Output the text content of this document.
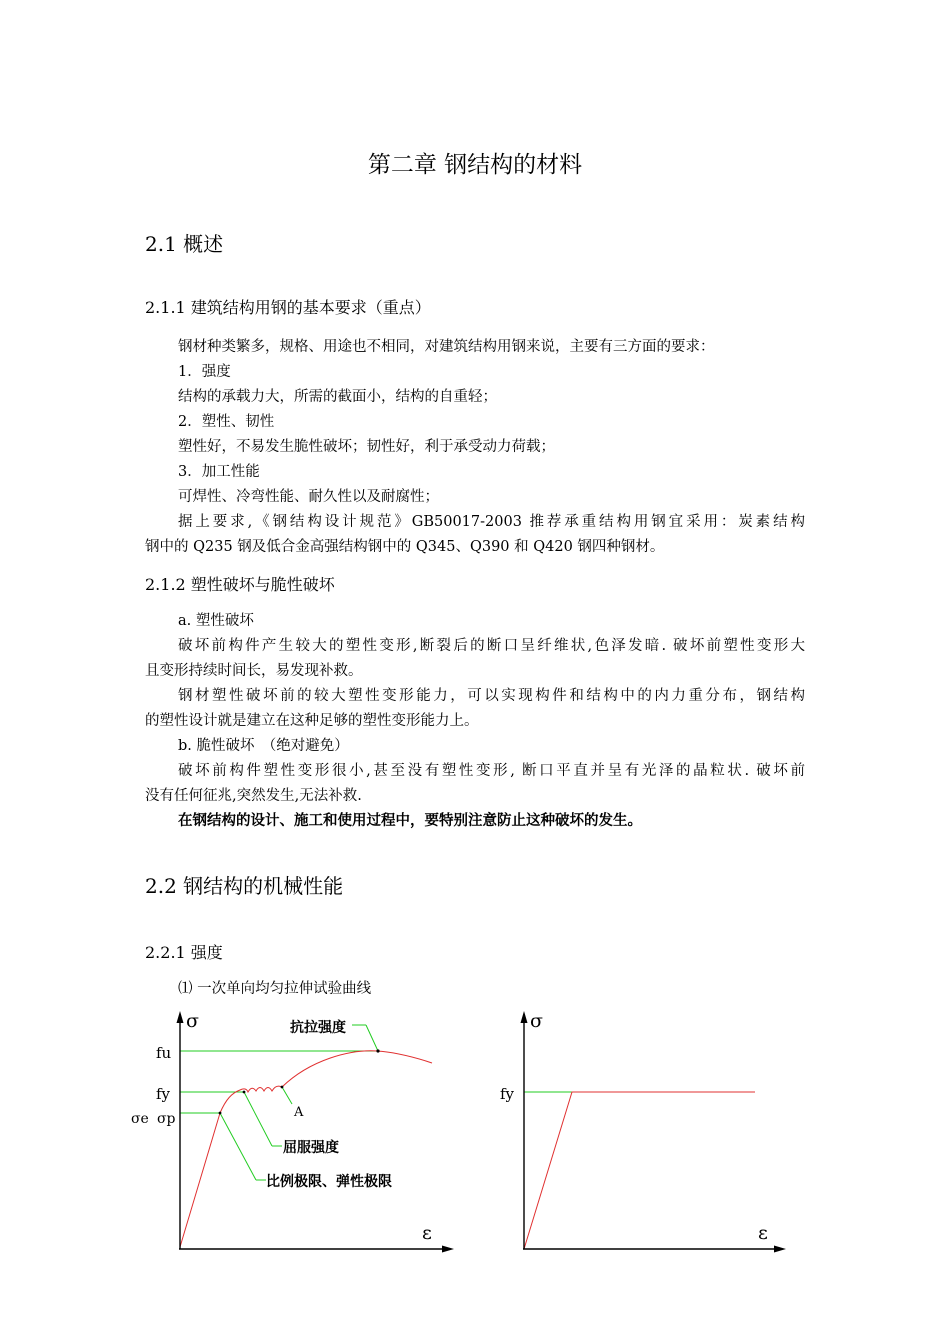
第二章 钢结构的材料
2.1 概述
2.1.1 建筑结构用钢的基本要求（重点）
钢材种类繁多，规格、用途也不相同，对建筑结构用钢来说，主要有三方面的要求：
1．强度
结构的承载力大，所需的截面小，结构的自重轻；
2．塑性、韧性
塑性好，不易发生脆性破坏；韧性好，利于承受动力荷载；
3．加工性能
可焊性、冷弯性能、耐久性以及耐腐性；
据上要求,《钢结构设计规范》GB50017-2003 推荐承重结构用钢宜采用：炭素结构
钢中的 Q235 钢及低合金高强结构钢中的 Q345、Q390 和 Q420 钢四种钢材。
2.1.2 塑性破坏与脆性破坏
a. 塑性破坏
破坏前构件产生较大的塑性变形,断裂后的断口呈纤维状,色泽发暗. 破坏前塑性变形大
且变形持续时间长，易发现补救。
钢材塑性破坏前的较大塑性变形能力，可以实现构件和结构中的内力重分布，钢结构
的塑性设计就是建立在这种足够的塑性变形能力上。
b. 脆性破坏　（绝对避免）
破坏前构件塑性变形很小,甚至没有塑性变形, 断口平直并呈有光泽的晶粒状. 破坏前
没有任何征兆,突然发生,无法补救.
在钢结构的设计、施工和使用过程中，要特别注意防止这种破坏的发生。
2.2 钢结构的机械性能
2.2.1 强度
⑴ 一次单向均匀拉伸试验曲线
σ
ε
fu
fy
σe σp
抗拉强度
A
屈服强度
比例极限、弹性极限
σ
ε
fy
